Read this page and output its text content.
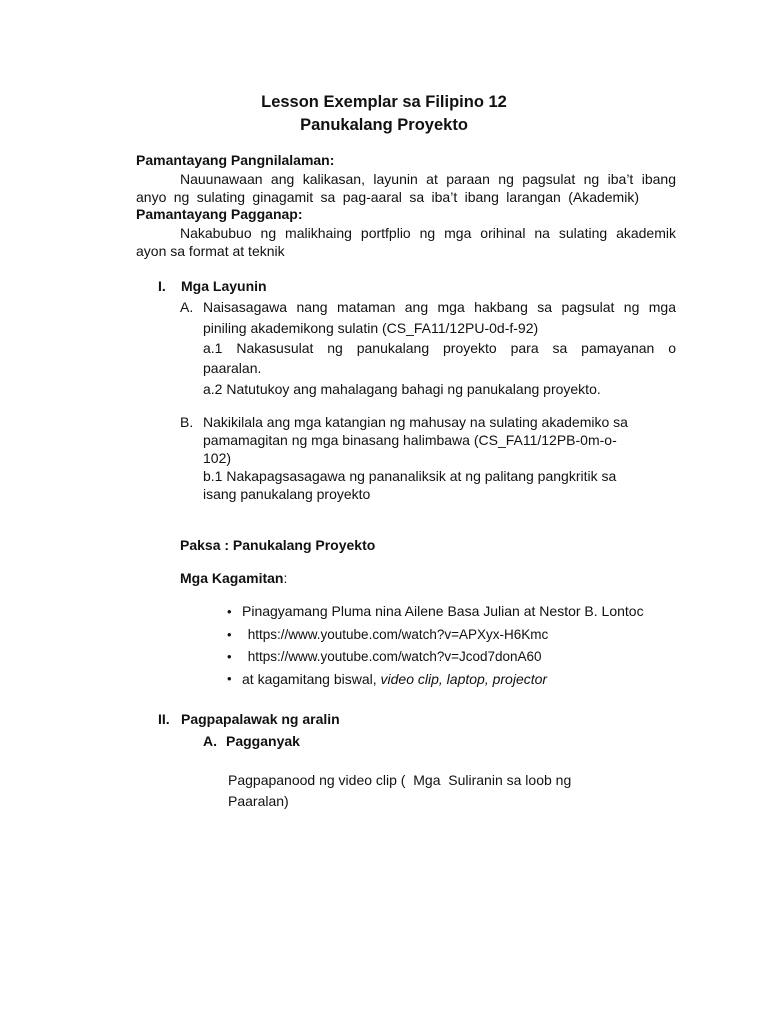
Lesson Exemplar sa Filipino 12
Panukalang Proyekto
Pamantayang Pangnilalaman:
Nauunawaan ang kalikasan, layunin at paraan ng pagsulat ng iba’t ibang
anyo ng sulating ginagamit sa pag-aaral sa iba’t ibang larangan (Akademik)
Pamantayang Pagganap:
Nakabubuo ng malikhaing portfplio ng mga orihinal na sulating akademik
ayon sa format at teknik
I. Mga Layunin
A. Naisasagawa nang mataman ang mga hakbang sa pagsulat ng mga
piniling akademikong sulatin (CS_FA11/12PU-0d-f-92)
a.1 Nakasusulat ng panukalang proyekto para sa pamayanan o
paaralan.
a.2 Natutukoy ang mahalagang bahagi ng panukalang proyekto.
B. Nakikilala ang mga katangian ng mahusay na sulating akademiko sa
pamamagitan ng mga binasang halimbawa (CS_FA11/12PB-0m-o-
102)
b.1 Nakapagsasagawa ng pananaliksik at ng palitang pangkritik sa
isang panukalang proyekto
Paksa : Panukalang Proyekto
Mga Kagamitan:
• Pinagyamang Pluma nina Ailene Basa Julian at Nestor B. Lontoc
• https://www.youtube.com/watch?v=APXyx-H6Kmc
• https://www.youtube.com/watch?v=Jcod7donA60
• at kagamitang biswal, video clip, laptop, projector
II. Pagpapalawak ng aralin
A. Pagganyak
Pagpapanood ng video clip (  Mga  Suliranin sa loob ng
Paaralan)
